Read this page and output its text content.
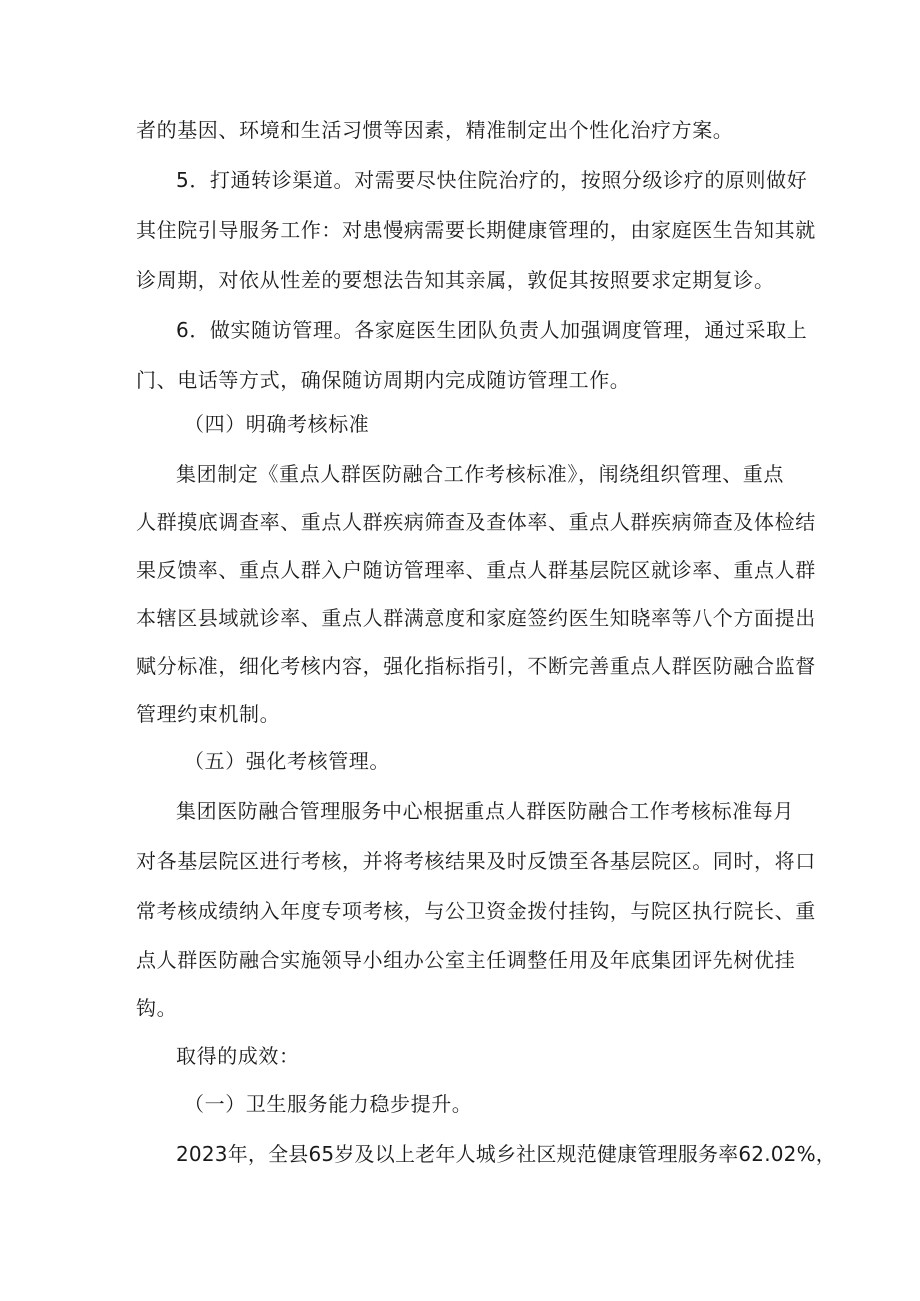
者的基因、环境和生活习惯等因素，精准制定出个性化治疗方案。
5．打通转诊渠道。对需要尽快住院治疗的，按照分级诊疗的原则做好
其住院引导服务工作：对患慢病需要长期健康管理的，由家庭医生告知其就
诊周期，对依从性差的要想法告知其亲属，敦促其按照要求定期复诊。
6．做实随访管理。各家庭医生团队负责人加强调度管理，通过采取上
门、电话等方式，确保随访周期内完成随访管理工作。
（四）明确考核标准
集团制定《重点人群医防融合工作考核标准》，闱绕组织管理、重点
人群摸底调查率、重点人群疾病筛查及查体率、重点人群疾病筛查及体检结
果反馈率、重点人群入户随访管理率、重点人群基层院区就诊率、重点人群
本辖区县域就诊率、重点人群满意度和家庭签约医生知晓率等八个方面提出
赋分标准，细化考核内容，强化指标指引，不断完善重点人群医防融合监督
管理约束机制。
（五）强化考核管理。
集团医防融合管理服务中心根据重点人群医防融合工作考核标准每月
对各基层院区进行考核，并将考核结果及时反馈至各基层院区。同时，将口
常考核成绩纳入年度专项考核，与公卫资金拨付挂钩，与院区执行院长、重
点人群医防融合实施领导小组办公室主任调整任用及年底集团评先树优挂
钩。
取得的成效：
（一）卫生服务能力稳步提升。
2023年，全县65岁及以上老年人城乡社区规范健康管理服务率62.02%，
